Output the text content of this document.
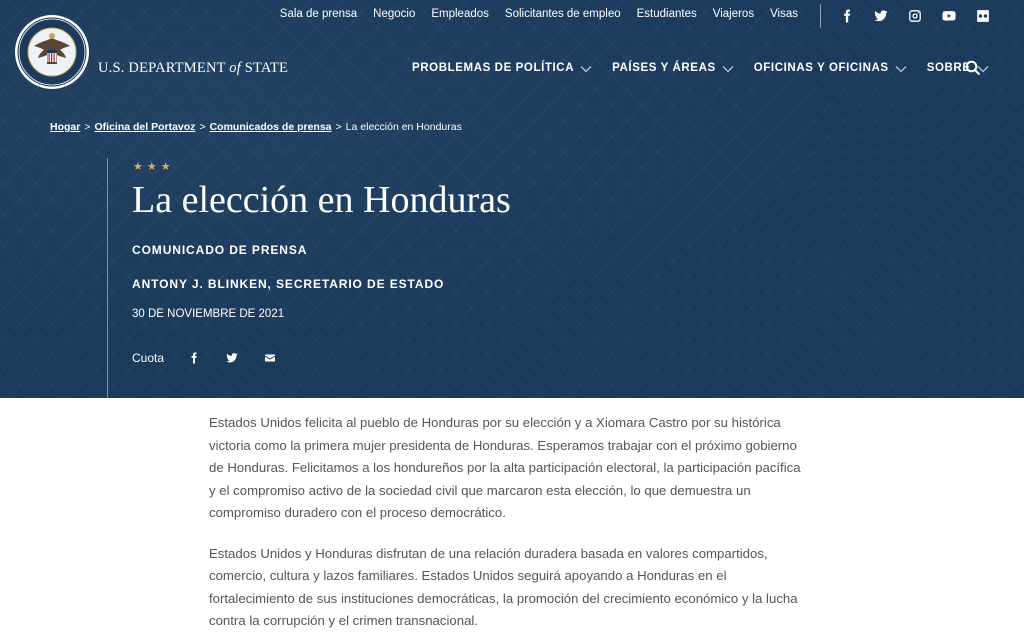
Sala de prensa Negocio Empleados Solicitantes de empleo Estudiantes Viajeros Visas
U.S. DEPARTMENT of STATE	PROBLEMAS DE POLÍTICA	PAÍSES Y ÁREAS	OFICINAS Y OFICINAS	SOBRE
Hogar > Oficina del Portavoz > Comunicados de prensa > La elección en Honduras
★★★
La elección en Honduras
COMUNICADO DE PRENSA
ANTONY J. BLINKEN, SECRETARIO DE ESTADO
30 DE NOVIEMBRE DE 2021
Cuota

Estados Unidos felicita al pueblo de Honduras por su elección y a Xiomara Castro por su histórica victoria como la primera mujer presidenta de Honduras. Esperamos trabajar con el próximo gobierno de Honduras. Felicitamos a los hondureños por la alta participación electoral, la participación pacífica y el compromiso activo de la sociedad civil que marcaron esta elección, lo que demuestra un compromiso duradero con el proceso democrático.

Estados Unidos y Honduras disfrutan de una relación duradera basada en valores compartidos, comercio, cultura y lazos familiares. Estados Unidos seguirá apoyando a Honduras en el fortalecimiento de sus instituciones democráticas, la promoción del crecimiento económico y la lucha contra la corrupción y el crimen transnacional.
